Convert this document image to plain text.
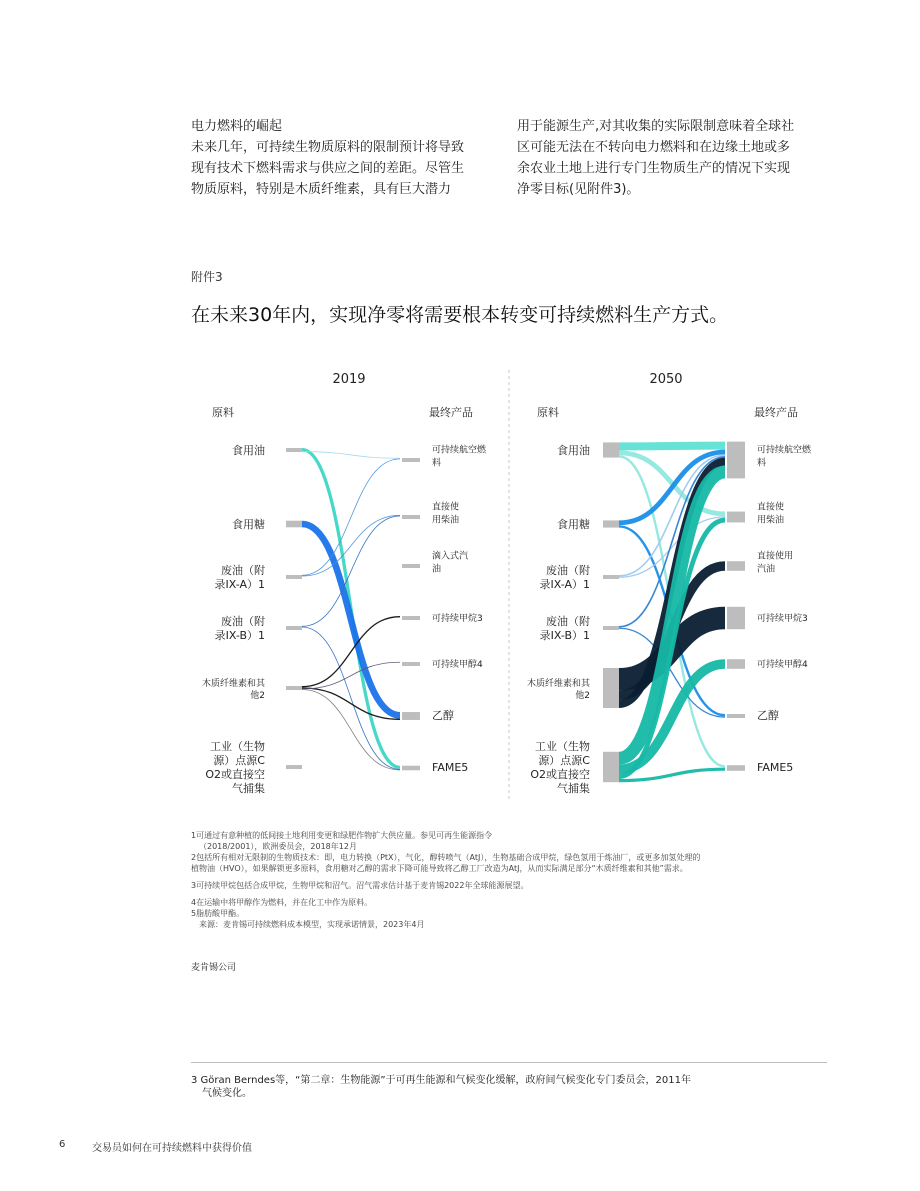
电力燃料的崛起
未来几年，可持续生物质原料的限制预计将导致
现有技术下燃料需求与供应之间的差距。尽管生
物质原料，特别是木质纤维素，具有巨大潜力
用于能源生产,对其收集的实际限制意味着全球社
区可能无法在不转向电力燃料和在边缘土地或多
余农业土地上进行专门生物质生产的情况下实现
净零目标(见附件3)。
附件3
在未来30年内，实现净零将需要根本转变可持续燃料生产方式。
2019
原料	最终产品
食用油
食用糖
废油（附
录IX-A）1
废油（附
录IX-B）1
木质纤维素和其
他2
工业（生物
源）点源C
O2或直接空
气捕集
可持续航空燃
料
直接使
用柴油
滴入式汽
油
可持续甲烷3
可持续甲醇4
乙醇
FAME5
2050
原料	最终产品
食用油
食用糖
废油（附
录IX-A）1
废油（附
录IX-B）1
木质纤维素和其
他2
工业（生物
源）点源C
O2或直接空
气捕集
可持续航空燃
料
直接使
用柴油
直接使用
汽油
可持续甲烷3
可持续甲醇4
乙醇
FAME5

1可通过有意种植的低间接土地利用变更和绿肥作物扩大供应量。参见可再生能源指令

（2018/2001），欧洲委员会，2018年12月

2包括所有相对无限制的生物质技术：即，电力转换（PtX），气化，醇转喷气（AtJ），生物基础合成甲烷，绿色氢用于炼油厂，或更多加氢处理的

植物油（HVO），如果解锁更多原料，食用糖对乙醇的需求下降可能导致将乙醇工厂改造为AtJ，从而实际满足部分“木质纤维素和其他”需求。

3可持续甲烷包括合成甲烷，生物甲烷和沼气。沼气需求估计基于麦肯锡2022年全球能源展望。

4在运输中将甲醇作为燃料，并在化工中作为原料。

5脂肪酸甲酯。

来源：麦肯锡可持续燃料成本模型，实现承诺情景，2023年4月

麦肯锡公司
3 Göran Berndes等，“第二章：生物能源”于可再生能源和气候变化缓解，政府间气候变化专门委员会，2011年
气候变化。
6	交易员如何在可持续燃料中获得价值
